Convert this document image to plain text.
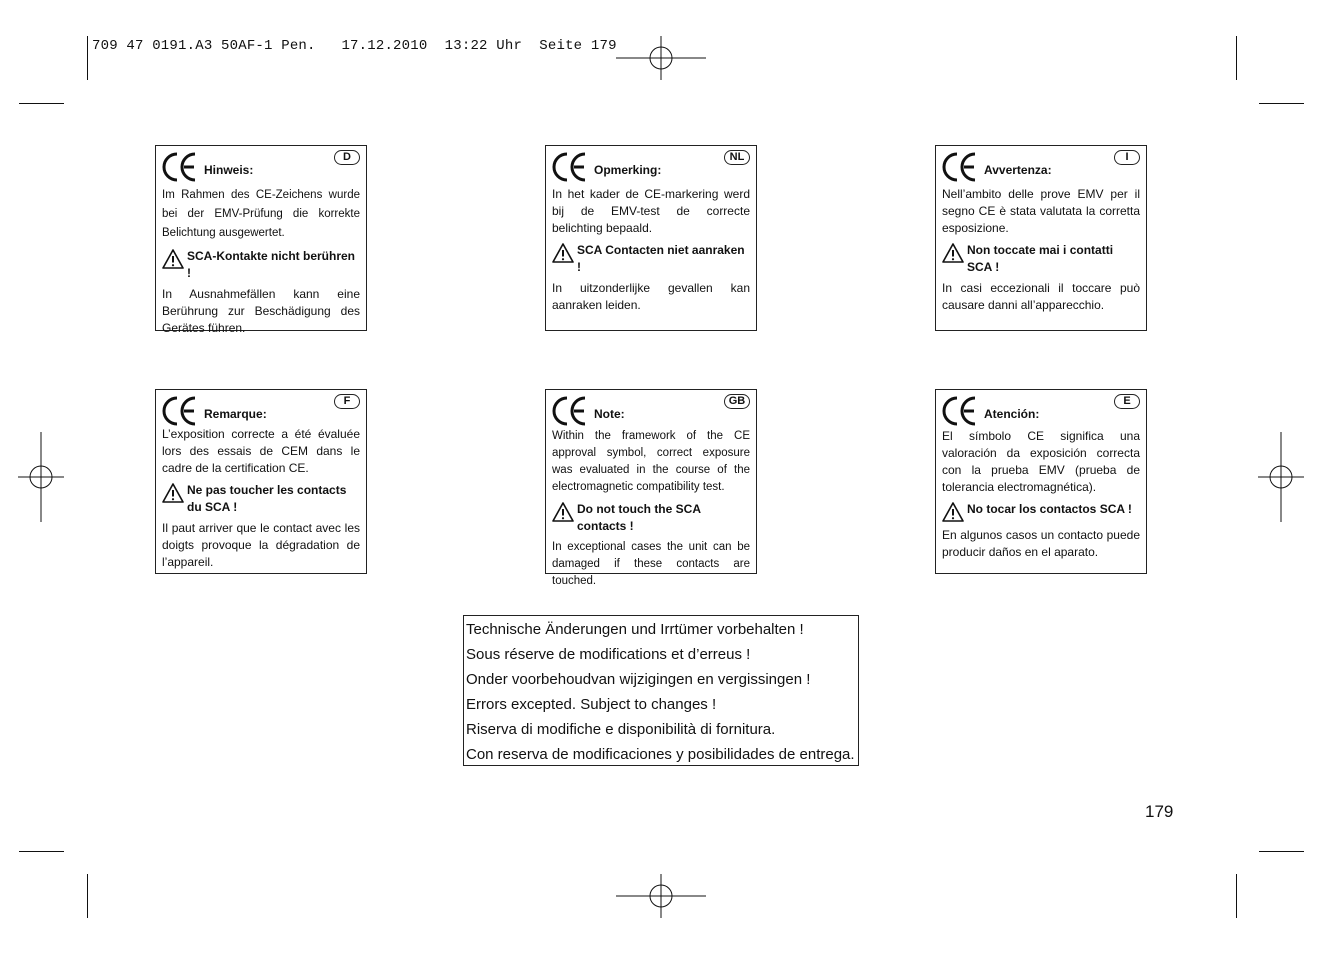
709 47 0191.A3 50AF-1 Pen.   17.12.2010  13:22 Uhr  Seite 179
Hinweis:
D
Im Rahmen des CE-Zeichens wurde bei der EMV-Prüfung die korrekte Belichtung ausgewertet.
SCA-Kontakte nicht berühren !
In Ausnahmefällen kann eine Berührung zur Beschädigung des Gerätes führen.
Opmerking:
NL
In het kader de CE-markering werd bij de EMV-test de correcte belichting bepaald.
SCA Contacten niet aanraken !
In uitzonderlijke gevallen kan aanraken leiden.
Avvertenza:
I
Nell’ambito delle prove EMV per il segno CE è stata valutata la corretta esposizione.
Non toccate mai i contatti SCA !
In casi eccezionali il toccare può causare danni all’apparecchio.
Remarque:
F
L’exposition correcte a été évaluée lors des essais de CEM dans le cadre de la certification CE.
Ne pas toucher les contacts du SCA !
Il paut arriver que le contact avec les doigts provoque la dégradation de l’appareil.
Note:
GB
Within the framework of the CE approval symbol, correct exposure was evaluated in the course of the electromagnetic compatibility test.
Do not touch the SCA contacts !
In exceptional cases the unit can be damaged if these contacts are touched.
Atención:
E
El símbolo CE significa una valoración da exposición correcta con la prueba EMV (prueba de tolerancia electromagnética).
No tocar los contactos SCA !
En algunos casos un contacto puede producir daños en el aparato.
Technische Änderungen und Irrtümer vorbehalten !
Sous réserve de modifications et d’erreus !
Onder voorbehoudvan wijzigingen en vergissingen !
Errors excepted. Subject to changes !
Riserva di modifiche e disponibilità di fornitura.
Con reserva de modificaciones y posibilidades de entrega.
179
